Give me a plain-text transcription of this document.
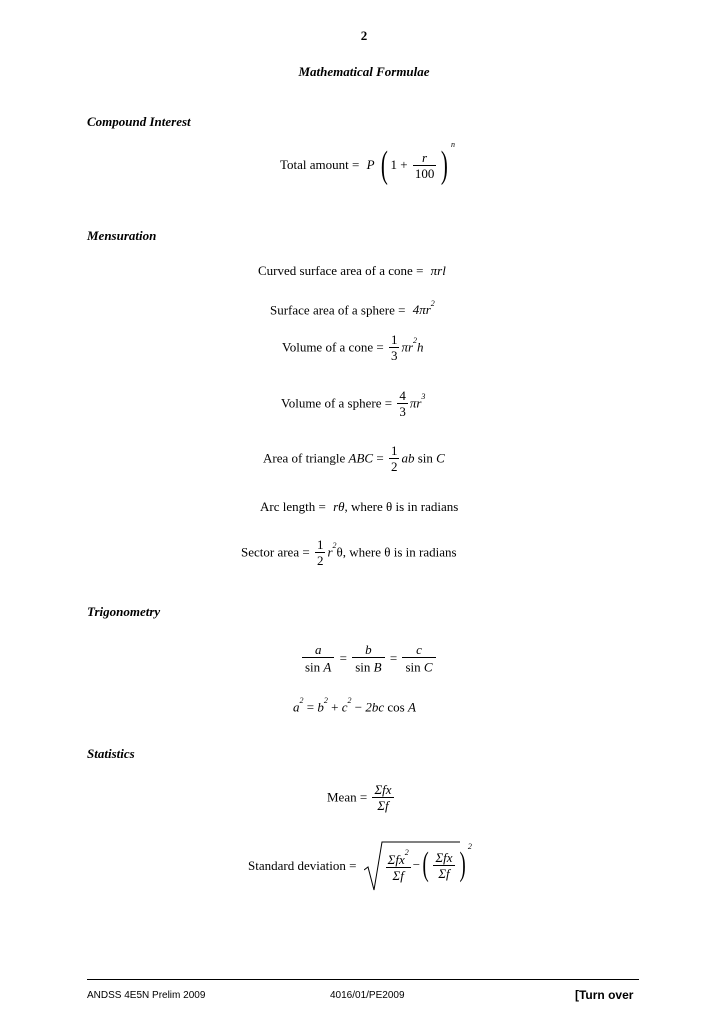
2
Mathematical Formulae
Compound Interest
Total amount = P ( $1 + \frac{r}{100}$ ) $^n$
Mensuration
Curved surface area of a cone = πrl
Surface area of a sphere = $4\pi r^2$
Volume of a cone = $\frac{1}{3} \pi r^2h$
Volume of a sphere = $\frac{4}{3} \pi r^3$
Area of triangle ABC = $\frac{1}{2}$ ab sin C
Arc length = rθ, where θ is in radians
Sector area = $\frac{1}{2} r^2\theta$, where θ is in radians
Trigonometry
$\frac{a}{\text{sin A}} = \frac{b}{\text{sin B}} = \frac{c}{\text{sin C}}$
$a^2 = b^2 + c^2 - 2bc$ cos A
Statistics
Mean = $\frac{\text{Σfx}}{\Sigma f}$
Standard deviation = $\frac{\Sigma fx^2}{\Sigma f}$ −( $\frac{\text{Σfx}}{\Sigma f}$ ) $^2$
ANDSS 4E5N Prelim 2009	4016/01/PE2009	[Turn over
